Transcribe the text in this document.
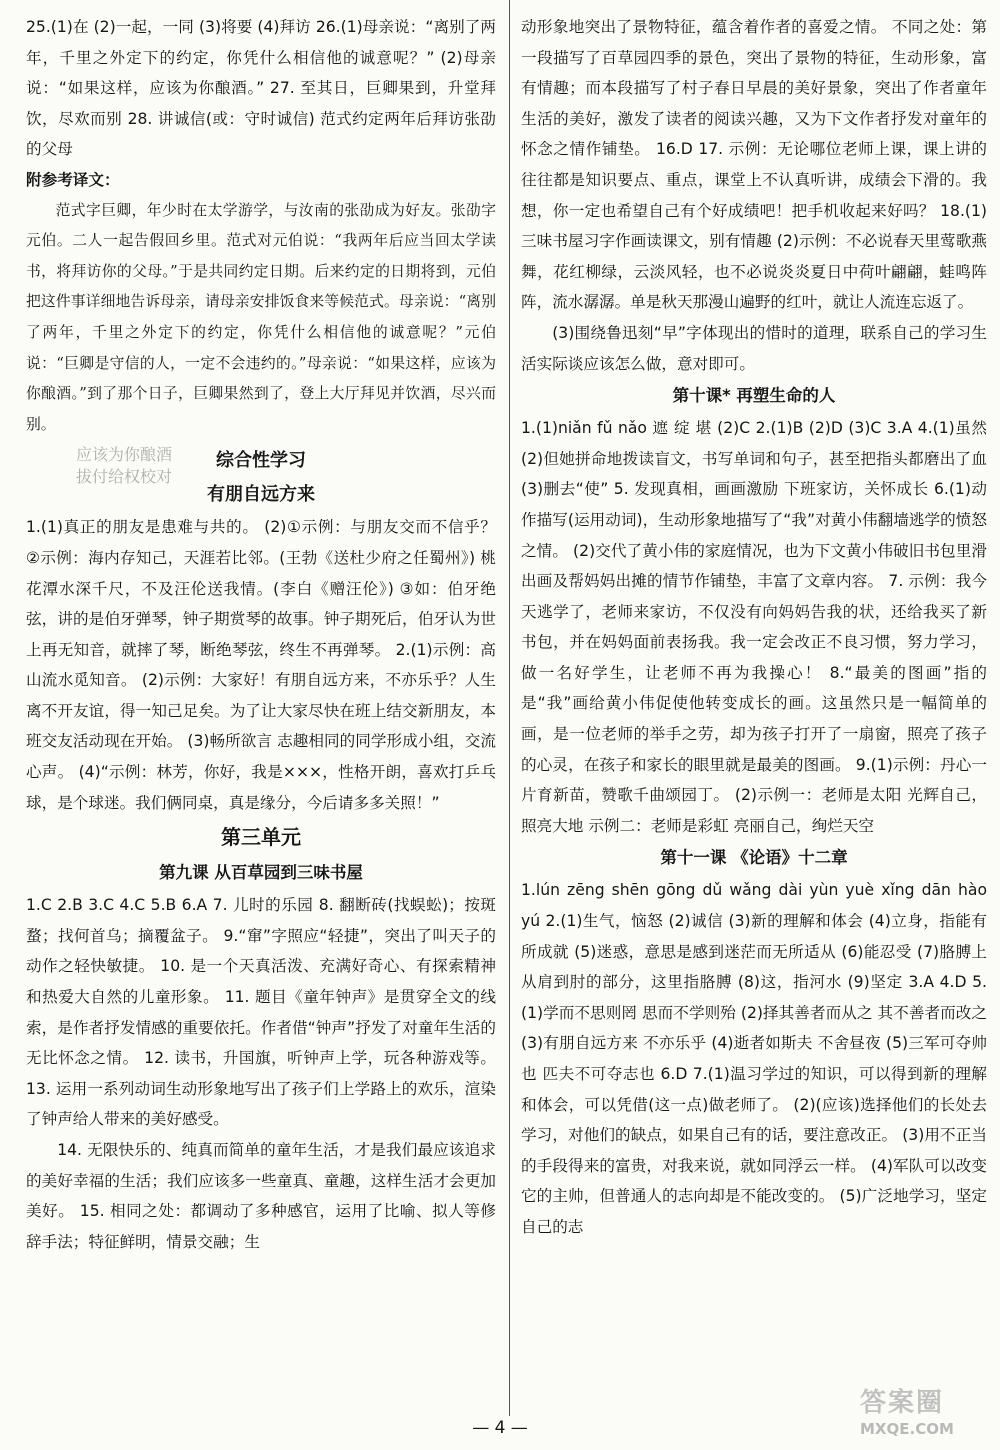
25.(1)在 (2)一起，一同 (3)将要 (4)拜访 26.(1)母亲说：“离别了两年，千里之外定下的约定，你凭什么相信他的诚意呢？” (2)母亲说：“如果这样，应该为你酿酒。” 27. 至其日，巨卿果到，升堂拜饮，尽欢而别 28. 讲诚信(或：守时诚信) 范式约定两年后拜访张劭的父母

附参考译文：

范式字巨卿，年少时在太学游学，与汝南的张劭成为好友。张劭字元伯。二人一起告假回乡里。范式对元伯说：“我两年后应当回太学读书，将拜访你的父母。”于是共同约定日期。后来约定的日期将到，元伯把这件事详细地告诉母亲，请母亲安排饭食来等候范式。母亲说：“离别了两年，千里之外定下的约定，你凭什么相信他的诚意呢？”元伯说：“巨卿是守信的人，一定不会违约的。”母亲说：“如果这样，应该为你酿酒。”到了那个日子，巨卿果然到了，登上大厅拜见并饮酒，尽兴而别。

综合性学习

有朋自远方来

1.(1)真正的朋友是患难与共的。 (2)①示例：与朋友交而不信乎？ ②示例：海内存知己，天涯若比邻。(王勃《送杜少府之任蜀州》) 桃花潭水深千尺，不及汪伦送我情。(李白《赠汪伦》) ③如：伯牙绝弦，讲的是伯牙弹琴，钟子期赏琴的故事。钟子期死后，伯牙认为世上再无知音，就摔了琴，断绝琴弦，终生不再弹琴。 2.(1)示例：高山流水觅知音。 (2)示例：大家好！有朋自远方来，不亦乐乎？人生离不开友谊，得一知己足矣。为了让大家尽快在班上结交新朋友，本班交友活动现在开始。 (3)畅所欲言 志趣相同的同学形成小组，交流心声。 (4)“示例：林芳，你好，我是×××，性格开朗，喜欢打乒乓球，是个球迷。我们俩同桌，真是缘分，今后请多多关照！”

第三单元

第九课 从百草园到三味书屋

1.C 2.B 3.C 4.C 5.B 6.A 7. 儿时的乐园 8. 翻断砖(找蜈蚣)；按斑蝥；找何首乌；摘覆盆子。 9.“窜”字照应“轻捷”，突出了叫天子的动作之轻快敏捷。 10. 是一个天真活泼、充满好奇心、有探索精神和热爱大自然的儿童形象。 11. 题目《童年钟声》是贯穿全文的线索，是作者抒发情感的重要依托。作者借“钟声”抒发了对童年生活的无比怀念之情。 12. 读书，升国旗，听钟声上学，玩各种游戏等。 13. 运用一系列动词生动形象地写出了孩子们上学路上的欢乐，渲染了钟声给人带来的美好感受。

14. 无限快乐的、纯真而简单的童年生活，才是我们最应该追求的美好幸福的生活；我们应该多一些童真、童趣，这样生活才会更加美好。 15. 相同之处：都调动了多种感官，运用了比喻、拟人等修辞手法；特征鲜明，情景交融；生

动形象地突出了景物特征，蕴含着作者的喜爱之情。 不同之处：第一段描写了百草园四季的景色，突出了景物的特征，生动形象，富有情趣；而本段描写了村子春日早晨的美好景象，突出了作者童年生活的美好，激发了读者的阅读兴趣，又为下文作者抒发对童年的怀念之情作铺垫。 16.D 17. 示例：无论哪位老师上课，课上讲的往往都是知识要点、重点，课堂上不认真听讲，成绩会下滑的。我想，你一定也希望自己有个好成绩吧！把手机收起来好吗？ 18.(1)三味书屋习字作画读课文，别有情趣 (2)示例：不必说春天里莺歌燕舞，花红柳绿，云淡风轻，也不必说炎炎夏日中荷叶翩翩，蛙鸣阵阵，流水潺潺。单是秋天那漫山遍野的红叶，就让人流连忘返了。

(3)围绕鲁迅刻“早”字体现出的惜时的道理，联系自己的学习生活实际谈应该怎么做，意对即可。

第十课* 再塑生命的人

1.(1)niǎn fǔ nǎo 遮 绽 堪 (2)C 2.(1)B (2)D (3)C 3.A 4.(1)虽然 (2)但她拼命地拨读盲文，书写单词和句子，甚至把指头都磨出了血 (3)删去“使” 5. 发现真相，画画激励 下班家访，关怀成长 6.(1)动作描写(运用动词)，生动形象地描写了“我”对黄小伟翻墙逃学的愤怒之情。 (2)交代了黄小伟的家庭情况，也为下文黄小伟破旧书包里滑出画及帮妈妈出摊的情节作铺垫，丰富了文章内容。 7. 示例：我今天逃学了，老师来家访，不仅没有向妈妈告我的状，还给我买了新书包，并在妈妈面前表扬我。我一定会改正不良习惯，努力学习，做一名好学生，让老师不再为我操心！ 8.“最美的图画”指的是“我”画给黄小伟促使他转变成长的画。这虽然只是一幅简单的画，是一位老师的举手之劳，却为孩子打开了一扇窗，照亮了孩子的心灵，在孩子和家长的眼里就是最美的图画。 9.(1)示例：丹心一片育新苗，赞歌千曲颂园丁。 (2)示例一：老师是太阳 光辉自己，照亮大地 示例二：老师是彩虹 亮丽自己，绚烂天空

第十一课 《论语》十二章

1.lún zēng shēn gōng dǔ wǎng dài yùn yuè xǐng dān hào yú 2.(1)生气，恼怒 (2)诚信 (3)新的理解和体会 (4)立身，指能有所成就 (5)迷惑，意思是感到迷茫而无所适从 (6)能忍受 (7)胳膊上从肩到肘的部分，这里指胳膊 (8)这，指河水 (9)坚定 3.A 4.D 5.(1)学而不思则罔 思而不学则殆 (2)择其善者而从之 其不善者而改之 (3)有朋自远方来 不亦乐乎 (4)逝者如斯夫 不舍昼夜 (5)三军可夺帅也 匹夫不可夺志也 6.D 7.(1)温习学过的知识，可以得到新的理解和体会，可以凭借(这一点)做老师了。 (2)(应该)选择他们的长处去学习，对他们的缺点，如果自己有的话，要注意改正。 (3)用不正当的手段得来的富贵，对我来说，就如同浮云一样。 (4)军队可以改变它的主帅，但普通人的志向却是不能改变的。 (5)广泛地学习，坚定自己的志

应该为你酿酒
拔付给权校对
答案圈
MXQE.COM
— 4 —
